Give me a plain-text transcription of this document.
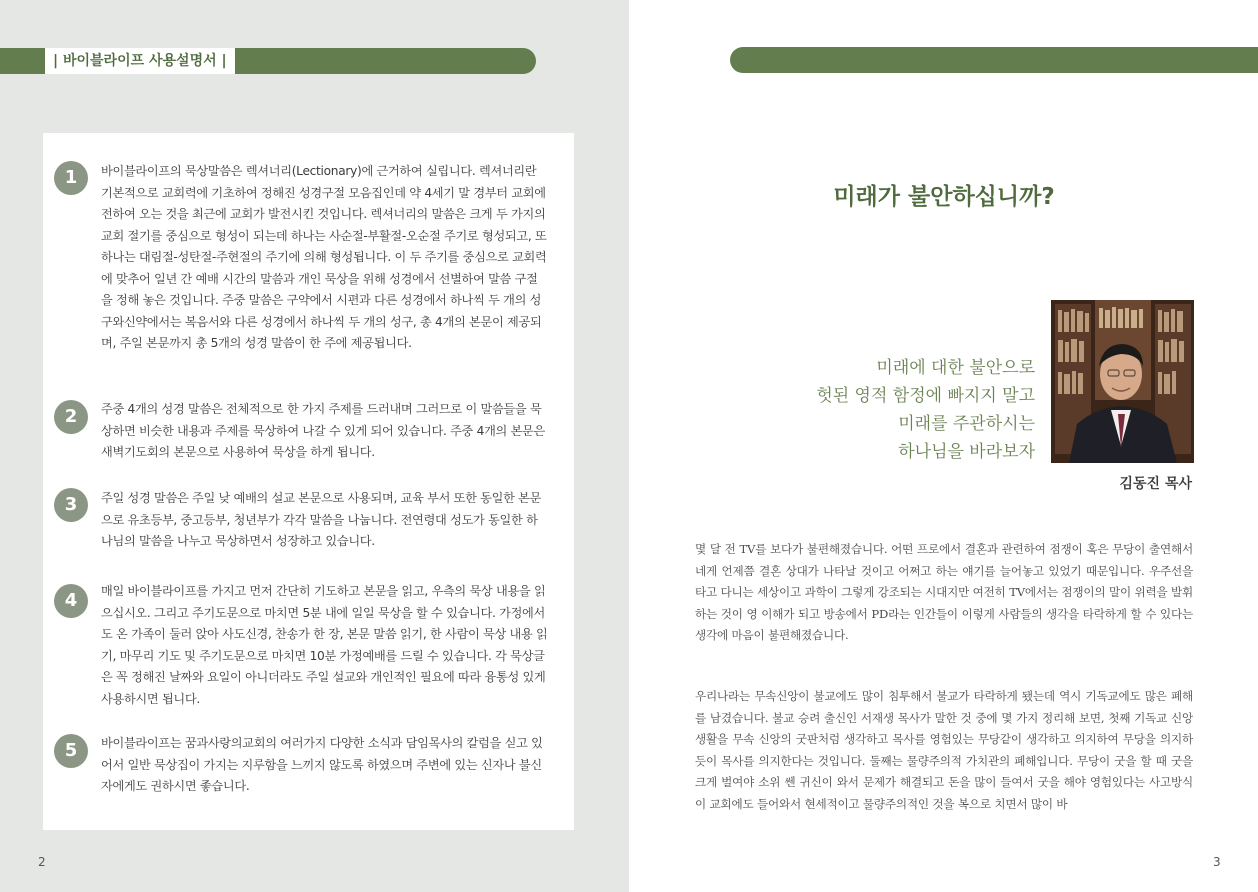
| 바이블라이프 사용설명서 |
1	바이블라이프의 묵상말씀은 렉셔너리(Lectionary)에 근거하여 실립니다. 렉셔너리란 기본적으로 교회력에 기초하여 정해진 성경구절 모음집인데 약 4세기 말 경부터 교회에 전하여 오는 것을 최근에 교회가 발전시킨 것입니다. 렉셔너리의 말씀은 크게 두 가지의 교회 절기를 중심으로 형성이 되는데 하나는 사순절-부활절-오순절 주기로 형성되고, 또 하나는 대림절-성탄절-주현절의 주기에 의해 형성됩니다. 이 두 주기를 중심으로 교회력에 맞추어 일년 간 예배 시간의 말씀과 개인 묵상을 위해 성경에서 선별하여 말씀 구절을 정해 놓은 것입니다. 주중 말씀은 구약에서 시편과 다른 성경에서 하나씩 두 개의 성구와신약에서는 복음서와 다른 성경에서 하나씩 두 개의 성구, 총 4개의 본문이 제공되며, 주일 본문까지 총 5개의 성경 말씀이 한 주에 제공됩니다.

2	주중 4개의 성경 말씀은 전체적으로 한 가지 주제를 드러내며 그러므로 이 말씀들을 묵상하면 비슷한 내용과 주제를 묵상하여 나갈 수 있게 되어 있습니다. 주중 4개의 본문은 새벽기도회의 본문으로 사용하여 묵상을 하게 됩니다.

3	주일 성경 말씀은 주일 낮 예배의 설교 본문으로 사용되며, 교육 부서 또한 동일한 본문으로 유초등부, 중고등부, 청년부가 각각 말씀을 나눕니다. 전연령대 성도가 동일한 하나님의 말씀을 나누고 묵상하면서 성장하고 있습니다.

4	매일 바이블라이프를 가지고 먼저 간단히 기도하고 본문을 읽고, 우측의 묵상 내용을 읽으십시오. 그리고 주기도문으로 마치면 5분 내에 일일 묵상을 할 수 있습니다. 가정에서도 온 가족이 둘러 앉아 사도신경, 찬송가 한 장, 본문 말씀 읽기, 한 사람이 묵상 내용 읽기, 마무리 기도 및 주기도문으로 마치면 10분 가정예배를 드릴 수 있습니다. 각 묵상글은 꼭 정해진 날짜와 요일이 아니더라도 주일 설교와 개인적인 필요에 따라 융통성 있게 사용하시면 됩니다.

5	바이블라이프는 꿈과사랑의교회의 여러가지 다양한 소식과 담임목사의 칼럼을 싣고 있어서 일반 묵상집이 가지는 지루함을 느끼지 않도록 하였으며 주변에 있는 신자나 불신자에게도 권하시면 좋습니다.

2
미래가 불안하십니까?
미래에 대한 불안으로
헛된 영적 함정에 빠지지 말고
미래를 주관하시는
하나님을 바라보자
김동진 목사

몇 달 전 TV를 보다가 불편해졌습니다. 어떤 프로에서 결혼과 관련하여 점쟁이 혹은 무당이 출연해서 네게 언제쯤 결혼 상대가 나타날 것이고 어쩌고 하는 얘기를 늘어놓고 있었기 때문입니다. 우주선을 타고 다니는 세상이고 과학이 그렇게 강조되는 시대지만 여전히 TV에서는 점쟁이의 말이 위력을 발휘하는 것이 영 이해가 되고 방송에서 PD라는 인간들이 이렇게 사람들의 생각을 타락하게 할 수 있다는 생각에 마음이 불편해졌습니다.

우리나라는 무속신앙이 불교에도 많이 침투해서 불교가 타락하게 됐는데 역시 기독교에도 많은 폐해를 남겼습니다. 불교 승려 출신인 서재생 목사가 말한 것 중에 몇 가지 정리해 보면, 첫째 기독교 신앙생활을 무속 신앙의 굿판처럼 생각하고 목사를 영험있는 무당같이 생각하고 의지하여 무당을 의지하듯이 목사를 의지한다는 것입니다. 둘째는 물량주의적 가치관의 폐해입니다. 무당이 굿을 할 때 굿을 크게 벌여야 소위 쎈 귀신이 와서 문제가 해결되고 돈을 많이 들여서 굿을 해야 영험있다는 사고방식이 교회에도 들어와서 현세적이고 물량주의적인 것을 복으로 치면서 많이 바

3
